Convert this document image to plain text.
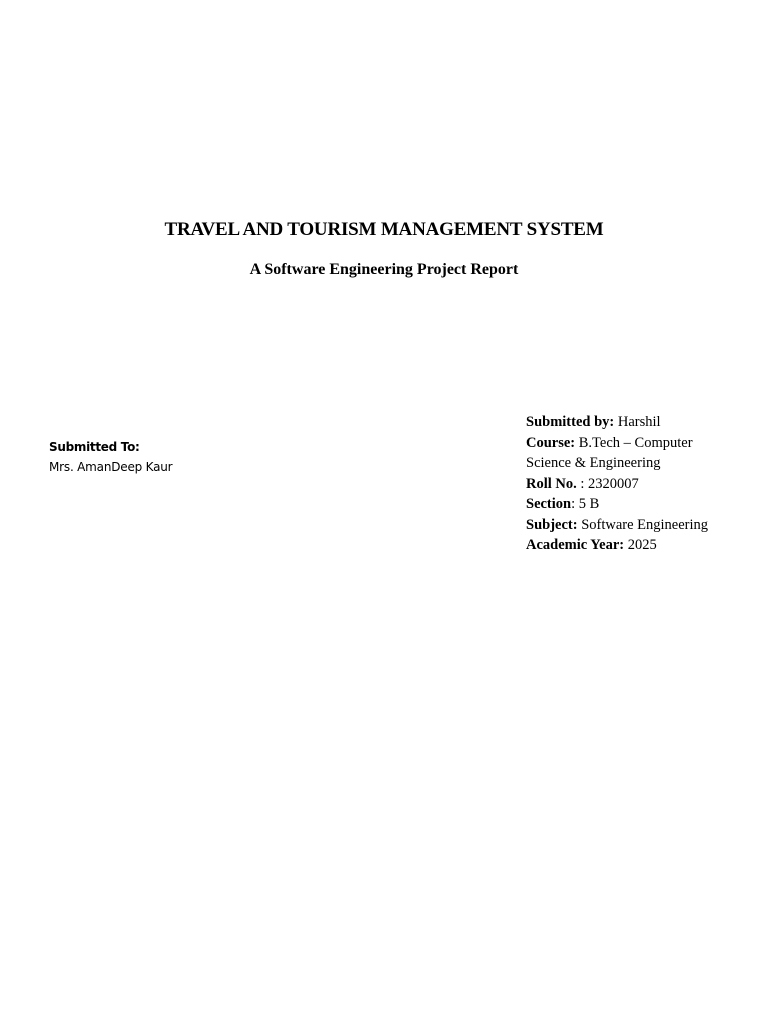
TRAVEL AND TOURISM MANAGEMENT SYSTEM
A Software Engineering Project Report
Submitted To:
Mrs. AmanDeep Kaur
Submitted by: Harshil
Course: B.Tech – Computer Science & Engineering
Roll No. : 2320007
Section: 5 B
Subject: Software Engineering
Academic Year: 2025
